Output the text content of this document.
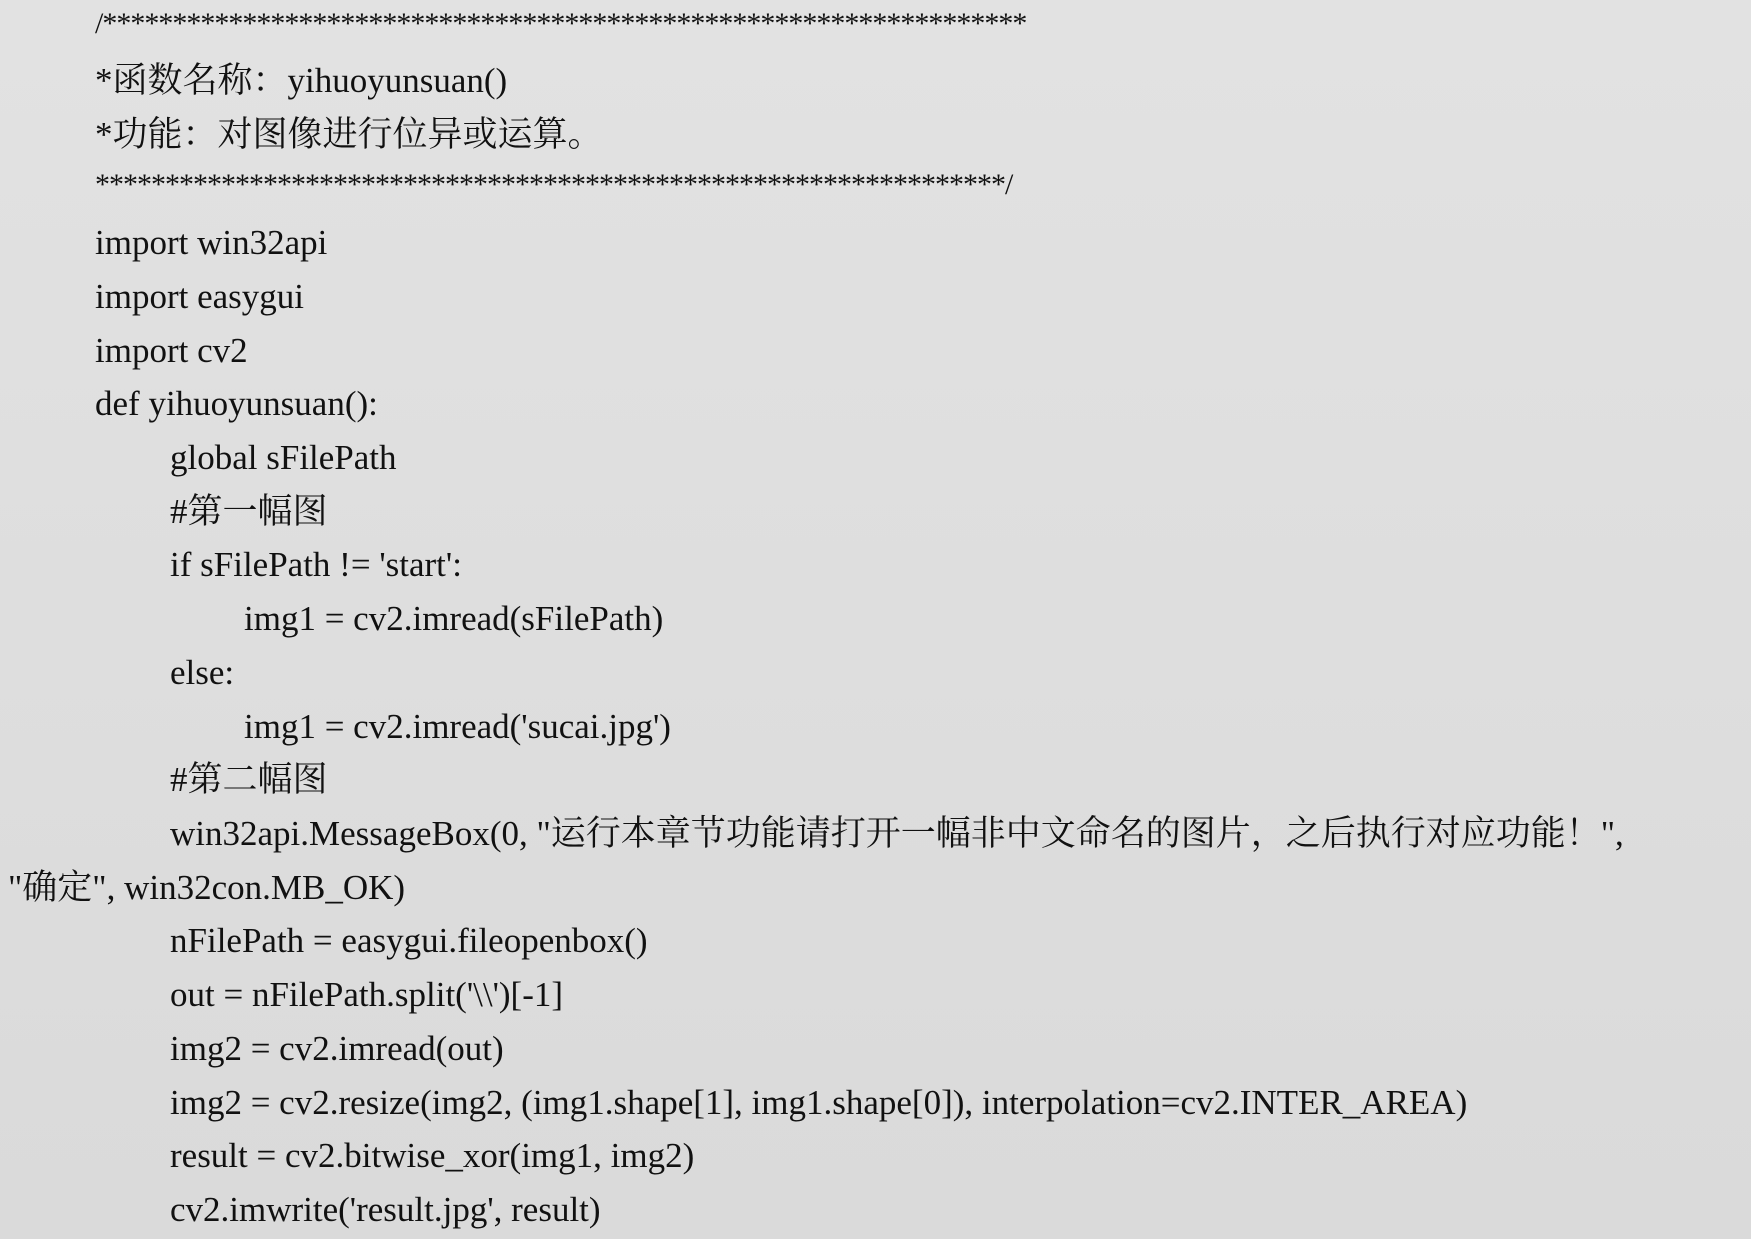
/******************************************************************

*函数名称：yihuoyunsuan()

*功能：对图像进行位异或运算。

*****************************************************************/

import win32api

import easygui

import cv2

def yihuoyunsuan():

global sFilePath

#第一幅图

if sFilePath != 'start':

img1 = cv2.imread(sFilePath)

else:

img1 = cv2.imread('sucai.jpg')

#第二幅图

win32api.MessageBox(0, "运行本章节功能请打开一幅非中文命名的图片，之后执行对应功能！",

"确定", win32con.MB_OK)

nFilePath = easygui.fileopenbox()

out = nFilePath.split('\\')[-1]

img2 = cv2.imread(out)

img2 = cv2.resize(img2, (img1.shape[1], img1.shape[0]), interpolation=cv2.INTER_AREA)

result = cv2.bitwise_xor(img1, img2)

cv2.imwrite('result.jpg', result)
